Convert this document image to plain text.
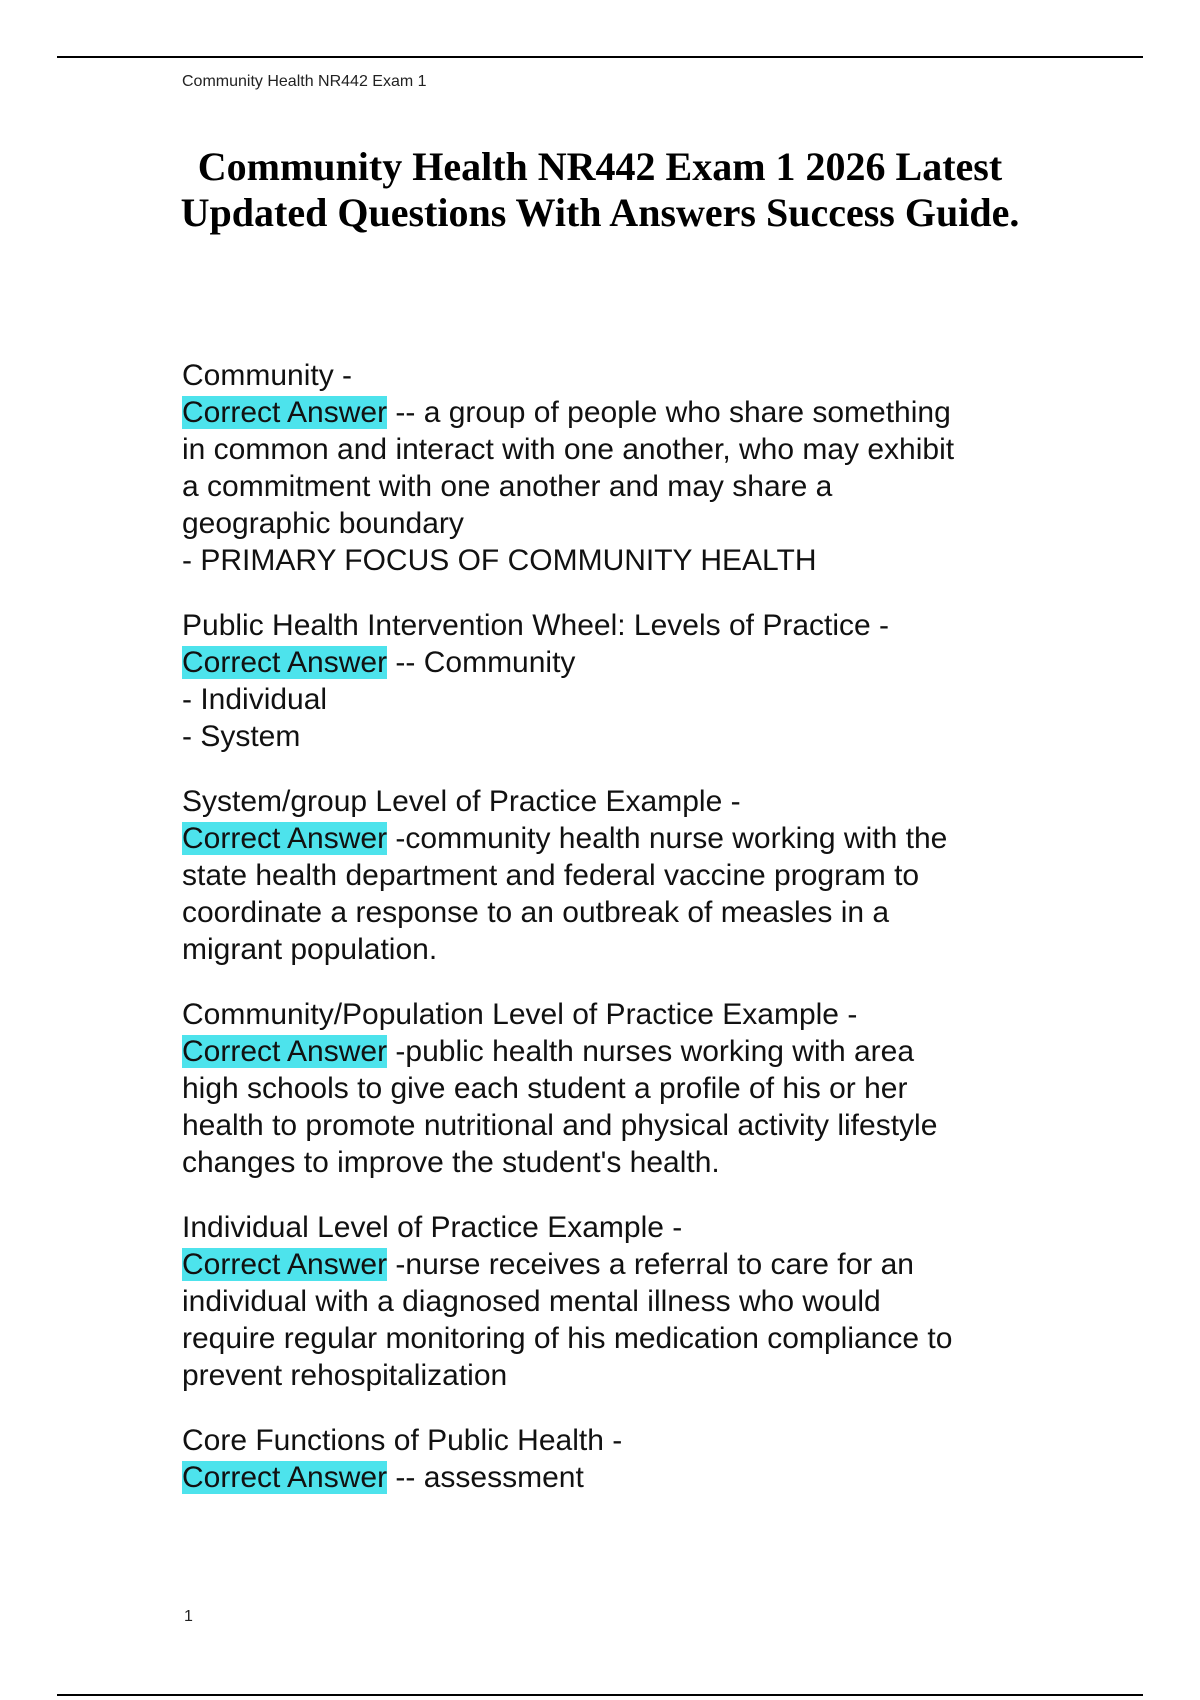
Community Health NR442 Exam 1
Community Health NR442 Exam 1 2026 Latest Updated Questions With Answers Success Guide.
Community -
Correct Answer -- a group of people who share something
in common and interact with one another, who may exhibit
a commitment with one another and may share a
geographic boundary
- PRIMARY FOCUS OF COMMUNITY HEALTH
Public Health Intervention Wheel: Levels of Practice -
Correct Answer -- Community
- Individual
- System
System/group Level of Practice Example -
Correct Answer -community health nurse working with the
state health department and federal vaccine program to
coordinate a response to an outbreak of measles in a
migrant population.
Community/Population Level of Practice Example -
Correct Answer -public health nurses working with area
high schools to give each student a profile of his or her
health to promote nutritional and physical activity lifestyle
changes to improve the student's health.
Individual Level of Practice Example -
Correct Answer -nurse receives a referral to care for an
individual with a diagnosed mental illness who would
require regular monitoring of his medication compliance to
prevent rehospitalization
Core Functions of Public Health -
Correct Answer -- assessment
1
